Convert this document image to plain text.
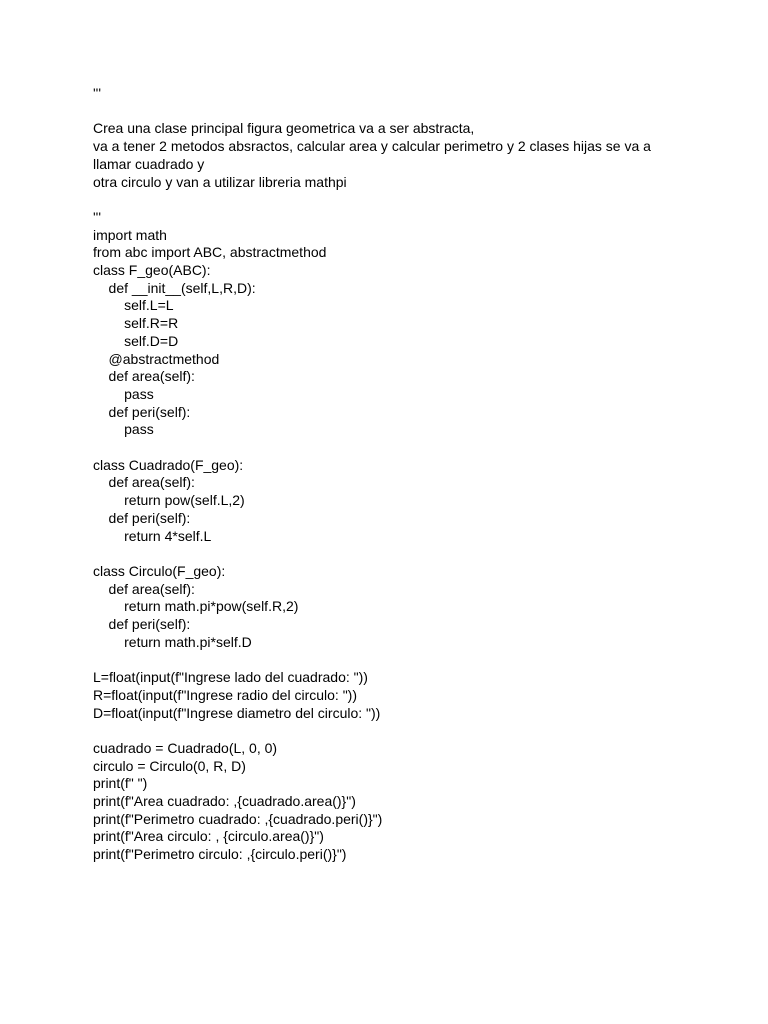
'''
Crea una clase principal figura geometrica va a ser abstracta,
va a tener 2 metodos absractos, calcular area y calcular perimetro y 2 clases hijas se va a
llamar cuadrado y
otra circulo y van a utilizar libreria mathpi
'''
import math
from abc import ABC, abstractmethod
class F_geo(ABC):
def __init__(self,L,R,D):
self.L=L
self.R=R
self.D=D
@abstractmethod
def area(self):
pass
def peri(self):
pass
class Cuadrado(F_geo):
def area(self):
return pow(self.L,2)
def peri(self):
return 4*self.L
class Circulo(F_geo):
def area(self):
return math.pi*pow(self.R,2)
def peri(self):
return math.pi*self.D
L=float(input(f"Ingrese lado del cuadrado: "))
R=float(input(f"Ingrese radio del circulo: "))
D=float(input(f"Ingrese diametro del circulo: "))
cuadrado = Cuadrado(L, 0, 0)
circulo = Circulo(0, R, D)
print(f" ")
print(f"Area cuadrado: ,{cuadrado.area()}")
print(f"Perimetro cuadrado: ,{cuadrado.peri()}")
print(f"Area circulo: , {circulo.area()}")
print(f"Perimetro circulo: ,{circulo.peri()}")
